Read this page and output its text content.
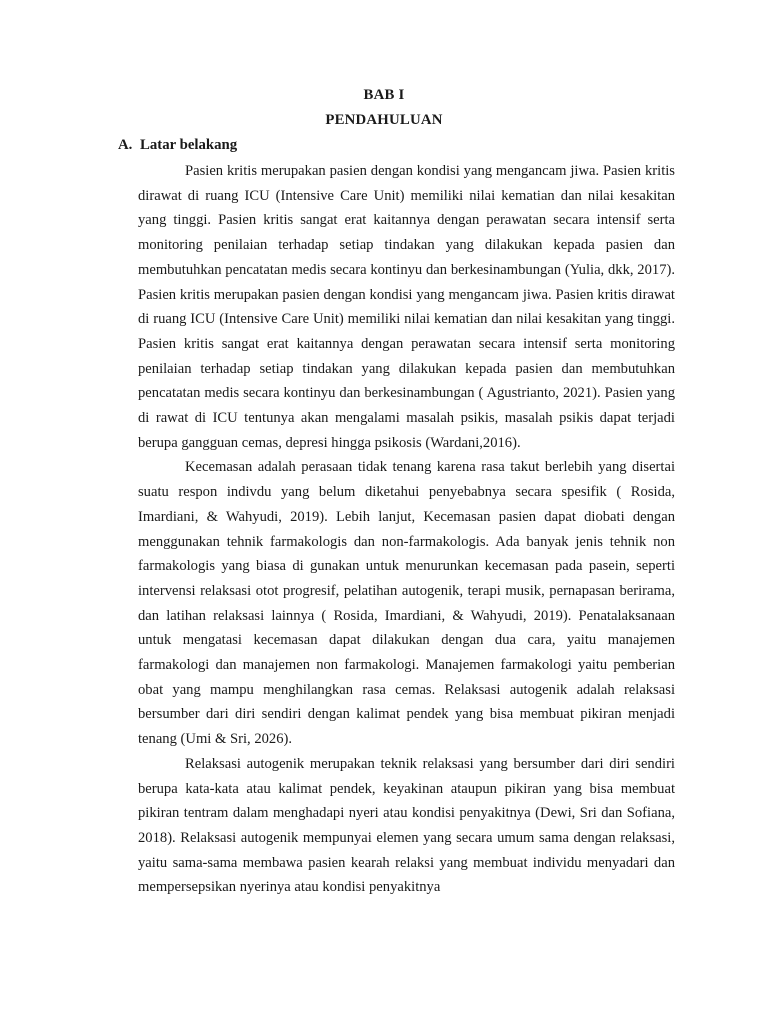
BAB I
PENDAHULUAN
A. Latar belakang

Pasien kritis merupakan pasien dengan kondisi yang mengancam jiwa. Pasien kritis dirawat di ruang ICU (Intensive Care Unit) memiliki nilai kematian dan nilai kesakitan yang tinggi. Pasien kritis sangat erat kaitannya dengan perawatan secara intensif serta monitoring penilaian terhadap setiap tindakan yang dilakukan kepada pasien dan membutuhkan pencatatan medis secara kontinyu dan berkesinambungan (Yulia, dkk, 2017). Pasien kritis merupakan pasien dengan kondisi yang mengancam jiwa. Pasien kritis dirawat di ruang ICU (Intensive Care Unit) memiliki nilai kematian dan nilai kesakitan yang tinggi. Pasien kritis sangat erat kaitannya dengan perawatan secara intensif serta monitoring penilaian terhadap setiap tindakan yang dilakukan kepada pasien dan membutuhkan pencatatan medis secara kontinyu dan berkesinambungan ( Agustrianto, 2021). Pasien yang di rawat di ICU tentunya akan mengalami masalah psikis, masalah psikis dapat terjadi berupa gangguan cemas, depresi hingga psikosis (Wardani,2016).

Kecemasan adalah perasaan tidak tenang karena rasa takut berlebih yang disertai suatu respon indivdu yang belum diketahui penyebabnya secara spesifik ( Rosida, Imardiani, & Wahyudi, 2019). Lebih lanjut, Kecemasan pasien dapat diobati dengan menggunakan tehnik farmakologis dan non-farmakologis. Ada banyak jenis tehnik non farmakologis yang biasa di gunakan untuk menurunkan kecemasan pada pasein, seperti intervensi relaksasi otot progresif, pelatihan autogenik, terapi musik, pernapasan berirama, dan latihan relaksasi lainnya ( Rosida, Imardiani, & Wahyudi, 2019). Penatalaksanaan untuk mengatasi kecemasan dapat dilakukan dengan dua cara, yaitu manajemen farmakologi dan manajemen non farmakologi. Manajemen farmakologi yaitu pemberian obat yang mampu menghilangkan rasa cemas. Relaksasi autogenik adalah relaksasi bersumber dari diri sendiri dengan kalimat pendek yang bisa membuat pikiran menjadi tenang (Umi & Sri, 2026).

Relaksasi autogenik merupakan teknik relaksasi yang bersumber dari diri sendiri berupa kata-kata atau kalimat pendek, keyakinan ataupun pikiran yang bisa membuat pikiran tentram dalam menghadapi nyeri atau kondisi penyakitnya (Dewi, Sri dan Sofiana, 2018). Relaksasi autogenik mempunyai elemen yang secara umum sama dengan relaksasi, yaitu sama-sama membawa pasien kearah relaksi yang membuat individu menyadari dan mempersepsikan nyerinya atau kondisi penyakitnya
